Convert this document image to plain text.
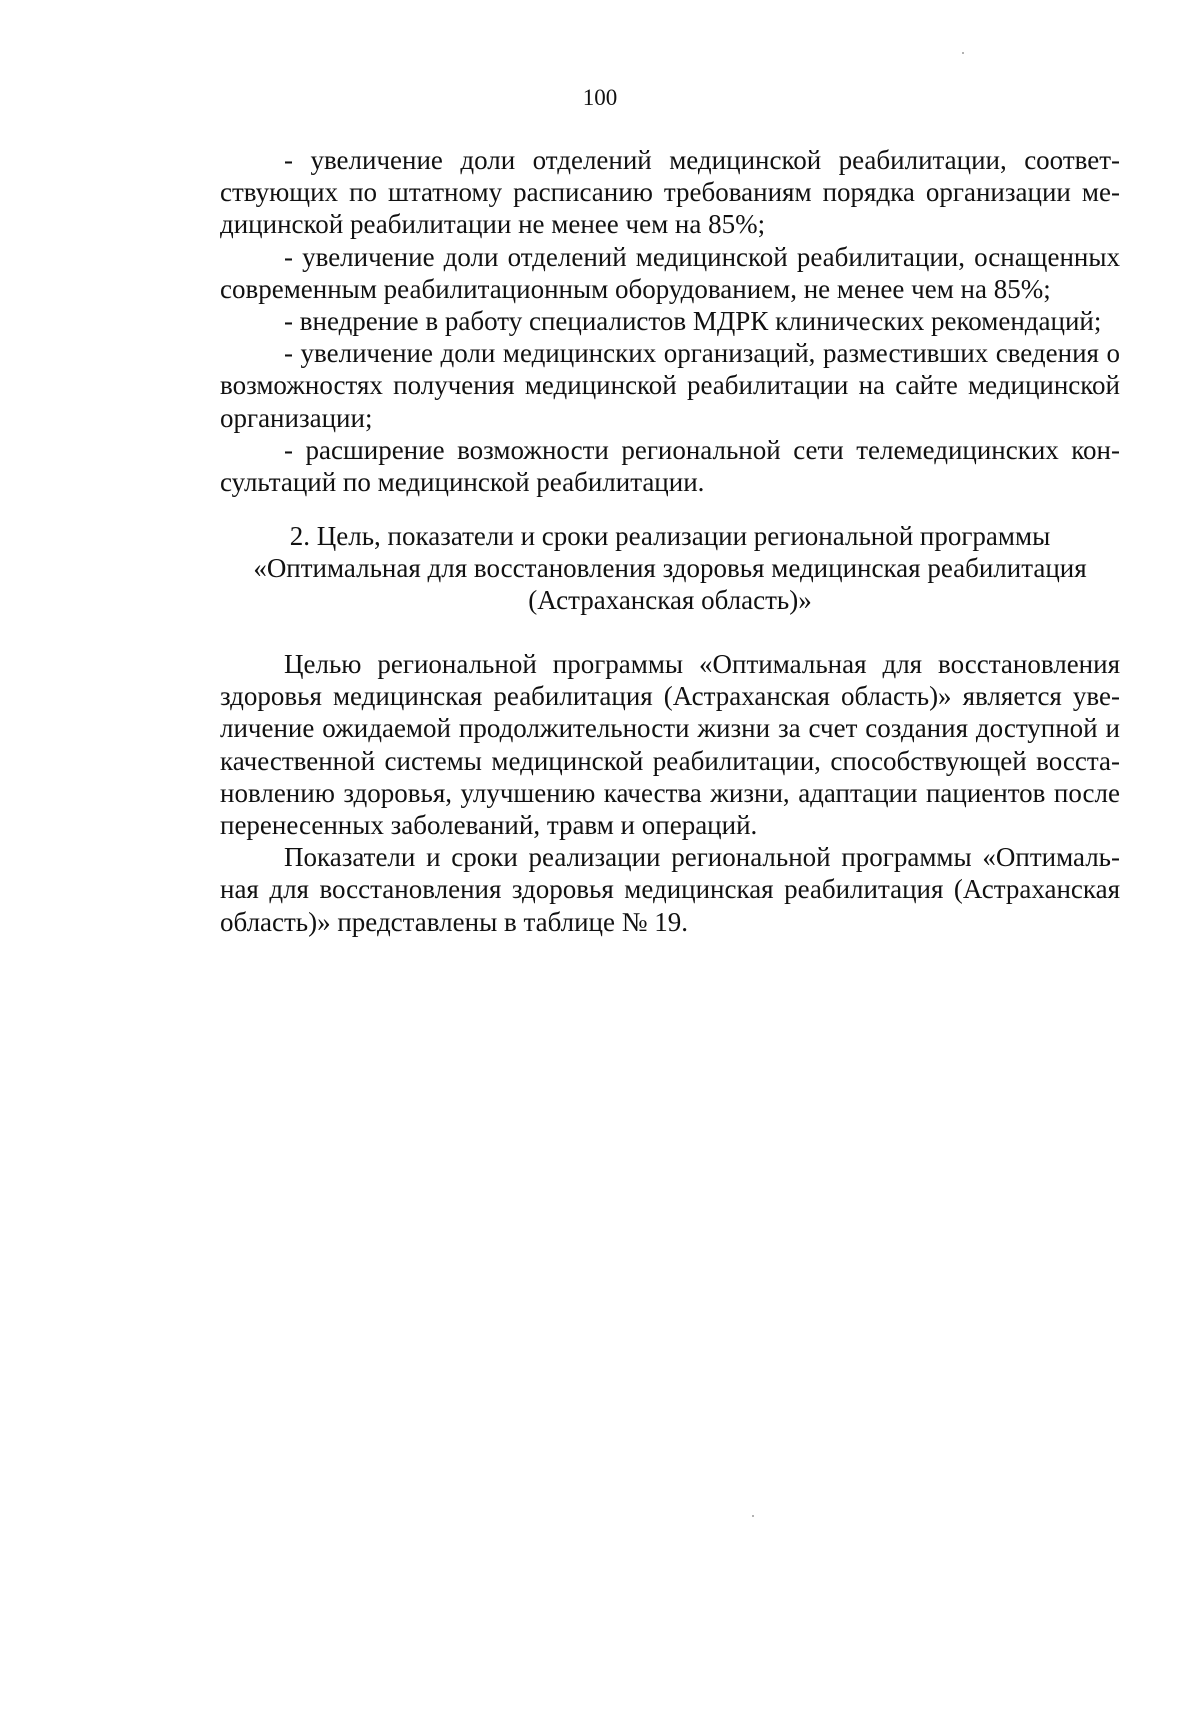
100

- увеличение доли отделений медицинской реабилитации, соответствующих по штатному расписанию требованиям порядка организации медицинской реабилитации не менее чем на 85%;

- увеличение доли отделений медицинской реабилитации, оснащенных современным реабилитационным оборудованием, не менее чем на 85%;

- внедрение в работу специалистов МДРК клинических рекомендаций;

- увеличение доли медицинских организаций, разместивших сведения о возможностях получения медицинской реабилитации на сайте медицинской организации;

- расширение возможности региональной сети телемедицинских консультаций по медицинской реабилитации.

2. Цель, показатели и сроки реализации региональной программы
«Оптимальная для восстановления здоровья медицинская реабилитация
(Астраханская область)»

Целью региональной программы «Оптимальная для восстановления здоровья медицинская реабилитация (Астраханская область)» является увеличение ожидаемой продолжительности жизни за счет создания доступной и качественной системы медицинской реабилитации, способствующей восстановлению здоровья, улучшению качества жизни, адаптации пациентов после перенесенных заболеваний, травм и операций.

Показатели и сроки реализации региональной программы «Оптимальная для восстановления здоровья медицинская реабилитация (Астраханская область)» представлены в таблице № 19.
